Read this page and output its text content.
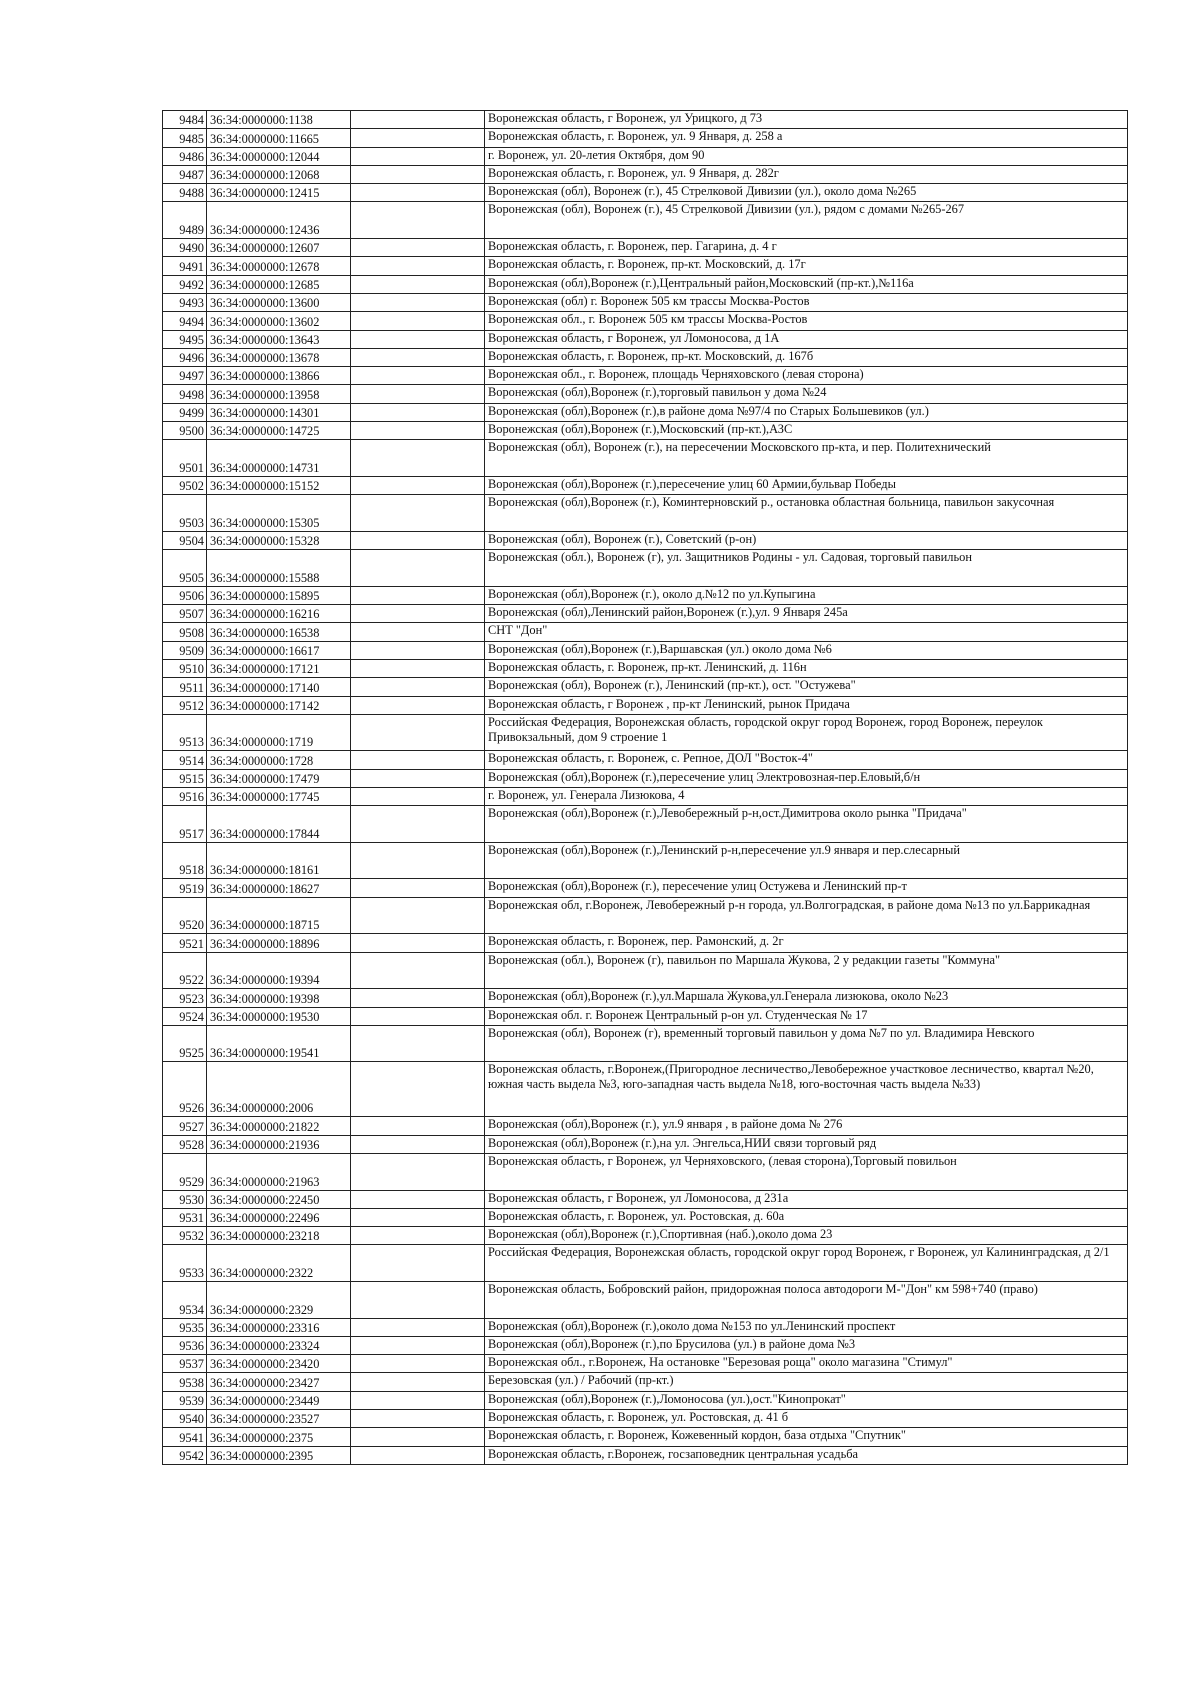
9484	36:34:0000000:1138		Воронежская область, г Воронеж, ул Урицкого, д 73
9485	36:34:0000000:11665		Воронежская область, г. Воронеж, ул. 9 Января, д. 258 а
9486	36:34:0000000:12044		г. Воронеж, ул. 20-летия Октября, дом 90
9487	36:34:0000000:12068		Воронежская область, г. Воронеж, ул. 9 Января, д. 282г
9488	36:34:0000000:12415		Воронежская (обл), Воронеж (г.), 45 Стрелковой Дивизии (ул.), около дома №265
9489	36:34:0000000:12436		Воронежская (обл), Воронеж (г.), 45 Стрелковой Дивизии (ул.), рядом с домами №265-267
9490	36:34:0000000:12607		Воронежская область, г. Воронеж, пер. Гагарина, д. 4 г
9491	36:34:0000000:12678		Воронежская область, г. Воронеж, пр-кт. Московский, д. 17г
9492	36:34:0000000:12685		Воронежская (обл),Воронеж (г.),Центральный район,Московский (пр-кт.),№116а
9493	36:34:0000000:13600		Воронежская (обл) г. Воронеж 505 км трассы Москва-Ростов
9494	36:34:0000000:13602		Воронежская обл., г. Воронеж 505 км трассы Москва-Ростов
9495	36:34:0000000:13643		Воронежская область, г Воронеж, ул Ломоносова, д 1А
9496	36:34:0000000:13678		Воронежская область, г. Воронеж, пр-кт. Московский, д. 167б
9497	36:34:0000000:13866		Воронежская обл., г. Воронеж, площадь Черняховского (левая сторона)
9498	36:34:0000000:13958		Воронежская (обл),Воронеж (г.),торговый павильон у дома №24
9499	36:34:0000000:14301		Воронежская (обл),Воронеж (г.),в районе дома №97/4 по Старых Большевиков (ул.)
9500	36:34:0000000:14725		Воронежская (обл),Воронеж (г.),Московский (пр-кт.),АЗС
9501	36:34:0000000:14731		Воронежская (обл), Воронеж (г.), на пересечении Московского пр-кта, и пер. Политехнический
9502	36:34:0000000:15152		Воронежская (обл),Воронеж (г.),пересечение улиц 60 Армии,бульвар Победы
9503	36:34:0000000:15305		Воронежская (обл),Воронеж (г.), Коминтерновский р., остановка областная больница, павильон закусочная
9504	36:34:0000000:15328		Воронежская (обл), Воронеж (г.), Советский (р-он)
9505	36:34:0000000:15588		Воронежская (обл.), Воронеж (г), ул. Защитников Родины - ул. Садовая, торговый павильон
9506	36:34:0000000:15895		Воронежская (обл),Воронеж (г.), около д.№12 по ул.Купыгина
9507	36:34:0000000:16216		Воронежская (обл),Ленинский район,Воронеж (г.),ул. 9 Января 245а
9508	36:34:0000000:16538		СНТ "Дон"
9509	36:34:0000000:16617		Воронежская (обл),Воронеж (г.),Варшавская (ул.) около дома №6
9510	36:34:0000000:17121		Воронежская область, г. Воронеж, пр-кт. Ленинский, д. 116н
9511	36:34:0000000:17140		Воронежская (обл), Воронеж (г.), Ленинский (пр-кт.), ост. "Остужева"
9512	36:34:0000000:17142		Воронежская область, г Воронеж , пр-кт Ленинский, рынок Придача
9513	36:34:0000000:1719		Российская Федерация, Воронежская область, городской округ город Воронеж, город Воронеж, переулок Привокзальный, дом 9 строение 1
9514	36:34:0000000:1728		Воронежская область, г. Воронеж, с. Репное, ДОЛ "Восток-4"
9515	36:34:0000000:17479		Воронежская (обл),Воронеж (г.),пересечение улиц Электровозная-пер.Еловый,б/н
9516	36:34:0000000:17745		г. Воронеж, ул. Генерала Лизюкова, 4
9517	36:34:0000000:17844		Воронежская (обл),Воронеж (г.),Левобережный р-н,ост.Димитрова около рынка "Придача"
9518	36:34:0000000:18161		Воронежская (обл),Воронеж (г.),Ленинский р-н,пересечение ул.9 января и пер.слесарный
9519	36:34:0000000:18627		Воронежская (обл),Воронеж (г.), пересечение улиц Остужева и Ленинский пр-т
9520	36:34:0000000:18715		Воронежская обл, г.Воронеж, Левобережный р-н города, ул.Волгоградская, в районе дома №13 по ул.Баррикадная
9521	36:34:0000000:18896		Воронежская область, г. Воронеж, пер. Рамонский, д. 2г
9522	36:34:0000000:19394		Воронежская (обл.), Воронеж (г), павильон по Маршала Жукова, 2 у редакции газеты "Коммуна"
9523	36:34:0000000:19398		Воронежская (обл),Воронеж (г.),ул.Маршала Жукова,ул.Генерала лизюкова, около №23
9524	36:34:0000000:19530		Воронежская обл. г. Воронеж Центральный р-он ул. Студенческая № 17
9525	36:34:0000000:19541		Воронежская (обл), Воронеж (г), временный торговый павильон у дома №7 по ул. Владимира Невского
9526	36:34:0000000:2006		Воронежская область, г.Воронеж,(Пригородное лесничество,Левобережное участковое лесничество, квартал №20, южная часть выдела №3, юго-западная часть выдела №18, юго-восточная часть выдела №33)
9527	36:34:0000000:21822		Воронежская (обл),Воронеж (г.), ул.9 января , в районе дома № 276
9528	36:34:0000000:21936		Воронежская (обл),Воронеж (г.),на ул. Энгельса,НИИ связи торговый ряд
9529	36:34:0000000:21963		Воронежская область, г Воронеж, ул Черняховского, (левая сторона),Торговый повильон
9530	36:34:0000000:22450		Воронежская область, г Воронеж, ул Ломоносова, д 231а
9531	36:34:0000000:22496		Воронежская область, г. Воронеж, ул. Ростовская, д. 60а
9532	36:34:0000000:23218		Воронежская (обл),Воронеж (г.),Спортивная (наб.),около дома 23
9533	36:34:0000000:2322		Российская Федерация, Воронежская область, городской округ город Воронеж, г Воронеж, ул Калининградская, д 2/1
9534	36:34:0000000:2329		Воронежская область, Бобровский район, придорожная полоса автодороги М-"Дон" км 598+740 (право)
9535	36:34:0000000:23316		Воронежская (обл),Воронеж (г.),около дома №153 по ул.Ленинский проспект
9536	36:34:0000000:23324		Воронежская (обл),Воронеж (г.),по Брусилова (ул.) в районе дома №3
9537	36:34:0000000:23420		Воронежская обл., г.Воронеж, На остановке "Березовая роща" около магазина "Стимул"
9538	36:34:0000000:23427		Березовская (ул.) / Рабочий (пр-кт.)
9539	36:34:0000000:23449		Воронежская (обл),Воронеж (г.),Ломоносова (ул.),ост."Кинопрокат"
9540	36:34:0000000:23527		Воронежская область, г. Воронеж, ул. Ростовская, д. 41 б
9541	36:34:0000000:2375		Воронежская область, г. Воронеж, Кожевенный кордон, база отдыха "Спутник"
9542	36:34:0000000:2395		Воронежская область, г.Воронеж, госзаповедник центральная усадьба
